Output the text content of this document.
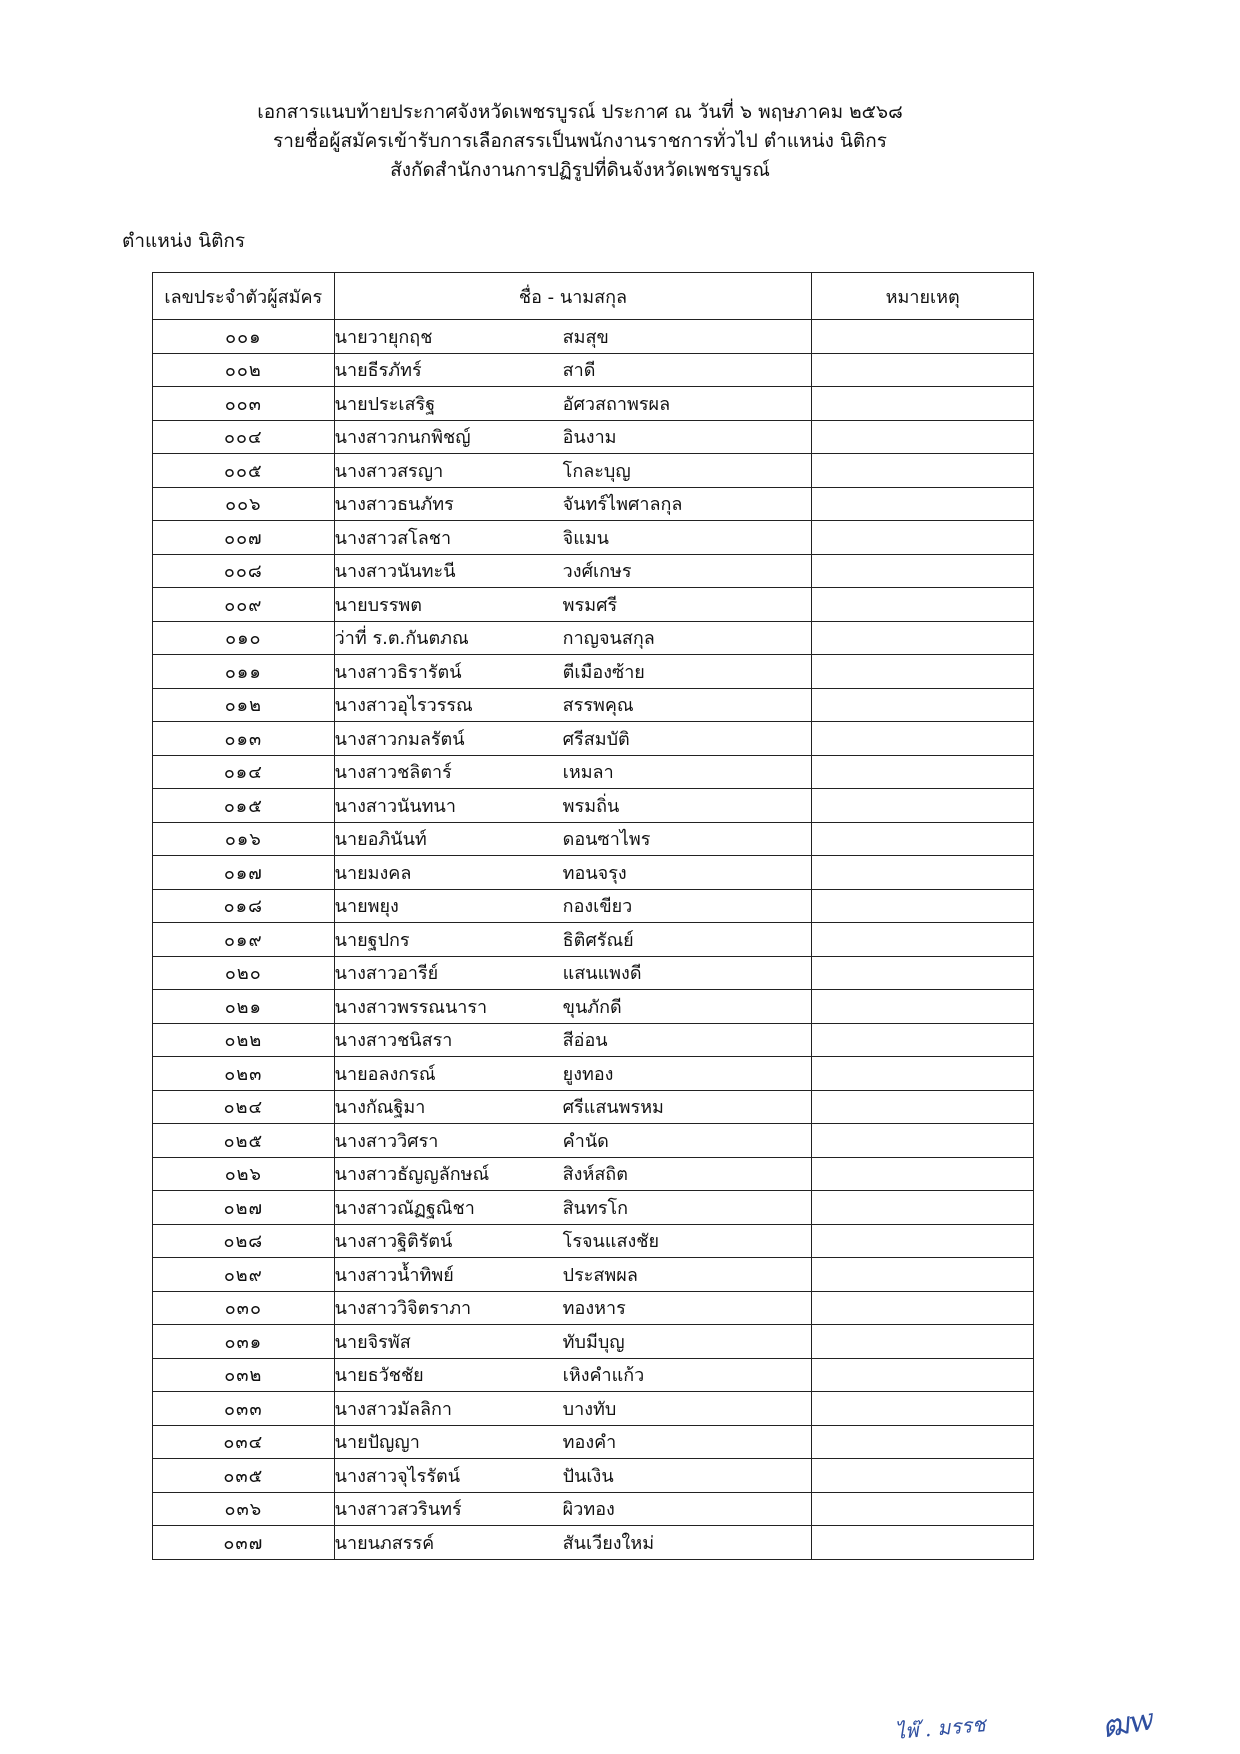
เอกสารแนบท้ายประกาศจังหวัดเพชรบูรณ์ ประกาศ ณ วันที่ ๖ พฤษภาคม ๒๕๖๘
รายชื่อผู้สมัครเข้ารับการเลือกสรรเป็นพนักงานราชการทั่วไป ตำแหน่ง นิติกร
สังกัดสำนักงานการปฏิรูปที่ดินจังหวัดเพชรบูรณ์
ตำแหน่ง นิติกร
เลขประจำตัวผู้สมัคร	ชื่อ - นามสกุล	หมายเหตุ
๐๐๑	นายวายุกฤช สมสุข	
๐๐๒	นายธีรภัทร์ สาดี	
๐๐๓	นายประเสริฐ อัศวสถาพรผล	
๐๐๔	นางสาวกนกพิชญ์ อินงาม	
๐๐๕	นางสาวสรญา โกละบุญ	
๐๐๖	นางสาวธนภัทร จันทร์ไพศาลกุล	
๐๐๗	นางสาวสโลชา จิแมน	
๐๐๘	นางสาวนันทะนี วงศ์เกษร	
๐๐๙	นายบรรพต พรมศรี	
๐๑๐	ว่าที่ ร.ต.กันตภณ กาญจนสกุล	
๐๑๑	นางสาวธิรารัตน์ ตีเมืองซ้าย	
๐๑๒	นางสาวอุไรวรรณ สรรพคุณ	
๐๑๓	นางสาวกมลรัตน์ ศรีสมบัติ	
๐๑๔	นางสาวชลิตาร์ เหมลา	
๐๑๕	นางสาวนันทนา พรมถิ่น	
๐๑๖	นายอภินันท์ ดอนซาไพร	
๐๑๗	นายมงคล ทอนจรุง	
๐๑๘	นายพยุง กองเขียว	
๐๑๙	นายฐปกร ธิติศรัณย์	
๐๒๐	นางสาวอารีย์ แสนแพงดี	
๐๒๑	นางสาวพรรณนารา ขุนภักดี	
๐๒๒	นางสาวชนิสรา สีอ่อน	
๐๒๓	นายอลงกรณ์ ยูงทอง	
๐๒๔	นางกัณฐิมา ศรีแสนพรหม	
๐๒๕	นางสาววิศรา คำนัด	
๐๒๖	นางสาวธัญญลักษณ์ สิงห์สถิต	
๐๒๗	นางสาวณัฏฐณิชา สินทรโก	
๐๒๘	นางสาวฐิติรัตน์ โรจนแสงชัย	
๐๒๙	นางสาวน้ำทิพย์ ประสพผล	
๐๓๐	นางสาววิจิตราภา ทองหาร	
๐๓๑	นายจิรพัส ทับมีบุญ	
๐๓๒	นายธวัชชัย เหิงคำแก้ว	
๐๓๓	นางสาวมัลลิกา บางทับ	
๐๓๔	นายปัญญา ทองคำ	
๐๓๕	นางสาวจุไรรัตน์ ปันเงิน	
๐๓๖	นางสาวสวรินทร์ ผิวทอง	
๐๓๗	นายนภสรรค์ สันเวียงใหม่	
ไพ๊ . มรรช	ฒw
